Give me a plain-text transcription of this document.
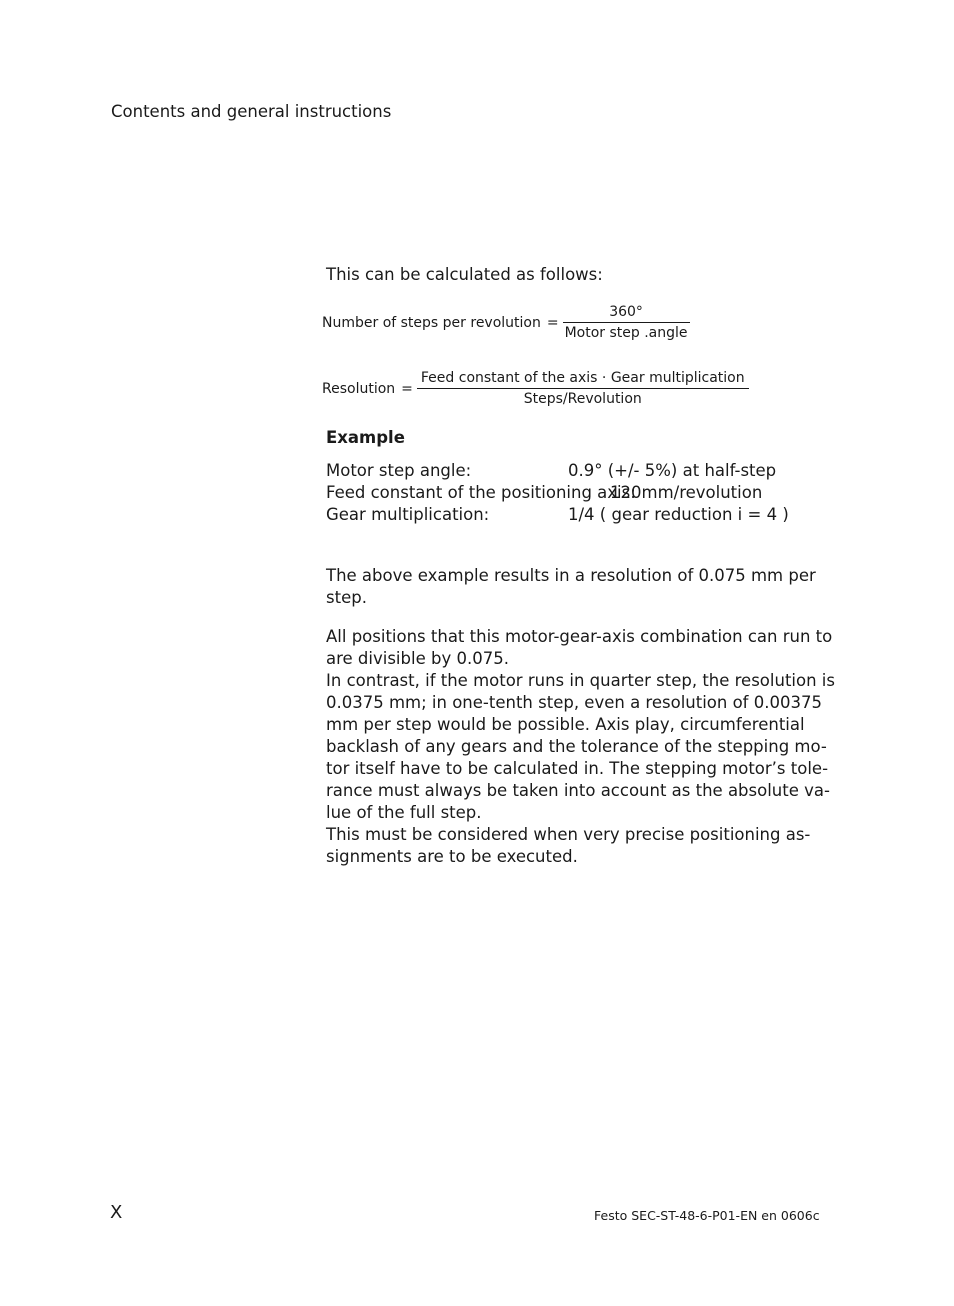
Contents and general instructions
This can be calculated as follows:
Number of steps per revolution = $\frac{360^\circ}{\text{Motor step .angle}}$
Resolution = $\frac{\text{Feed constant of the axis · Gear multiplication}}{\text{Steps/Revolution}}$
Example
Motor step angle:	0.9° (+/- 5%) at half-step
Feed constant of the positioning axis:
120mm/revolution
Gear multiplication:	1/4 ( gear reduction i = 4 )
The above example results in a resolution of 0.075 mm per
step.
All positions that this motor-gear-axis combination can run to
are divisible by 0.075.
In contrast, if the motor runs in quarter step, the resolution is
0.0375 mm; in one-tenth step, even a resolution of 0.00375
mm per step would be possible. Axis play, circumferential
backlash of any gears and the tolerance of the stepping mo-
tor itself have to be calculated in. The stepping motor’s tole-
rance must always be taken into account as the absolute va-
lue of the full step.
This must be considered when very precise positioning as-
signments are to be executed.
X	Festo SEC-ST-48-6-P01-EN en 0606c
